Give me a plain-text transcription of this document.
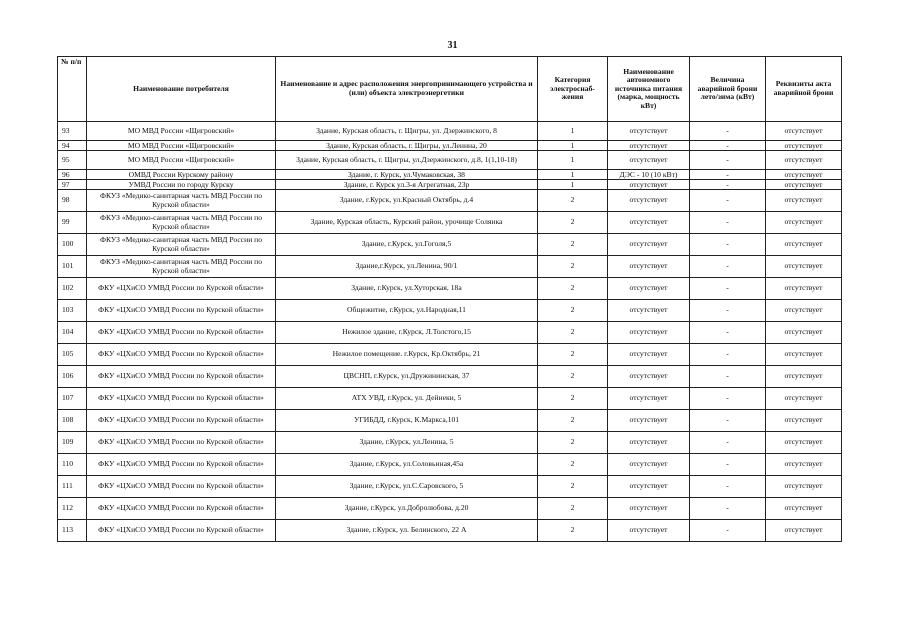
31
№ п/п	Наименование потребителя	Наименование и адрес расположения энергопринимающего устройства и (или) объекта электроэнергетики	Категория электроснаб-жения	Наименование автономного источника питания (марка, мощность кВт)	Величина аварийной брони лето/зима (кВт)	Реквизиты акта аварийной брони
93	МО МВД России «Щигровский»	Здание, Курская область, г. Щигры, ул. Дзержинского, 8	1	отсутствует	-	отсутствует
94	МО МВД России «Щигровский»	Здание, Курская область, г. Щигры, ул.Ленина, 20	1	отсутствует	-	отсутствует
95	МО МВД России «Щигровский»	Здание, Курская область, г. Щигры, ул.Дзержинского, д.8, 1(1,10-18)	1	отсутствует	-	отсутствует
96	ОМВД России Курскому району	Здание, г. Курск, ул.Чумаковская, 38	1	ДЭС - 10 (10 кВт)	-	отсутствует
97	УМВД России по городу Курску	Здание, г. Курск ул.3-я Агрегатная, 23р	1	отсутствует	-	отсутствует
98	ФКУЗ «Медико-санитарная часть МВД России по Курской области»	Здание, г.Курск, ул.Красный Октябрь, д.4	2	отсутствует	-	отсутствует
99	ФКУЗ «Медико-санитарная часть МВД России по Курской области»	Здание, Курская область, Курский район, урочище Солянка	2	отсутствует	-	отсутствует
100	ФКУЗ «Медико-санитарная часть МВД России по Курской области»	Здание, г.Курск, ул.Гоголя,5	2	отсутствует	-	отсутствует
101	ФКУЗ «Медико-санитарная часть МВД России по Курской области»	Здание,г.Курск, ул.Ленина, 90/1	2	отсутствует	-	отсутствует
102	ФКУ «ЦХиСО УМВД России по Курской области»	Здание, г.Курск, ул.Хуторская, 18а	2	отсутствует	-	отсутствует
103	ФКУ «ЦХиСО УМВД России по Курской области»	Общежитие, г.Курск, ул.Народная,11	2	отсутствует	-	отсутствует
104	ФКУ «ЦХиСО УМВД России по Курской области»	Нежилое здание, г.Курск, Л.Толстого,15	2	отсутствует	-	отсутствует
105	ФКУ «ЦХиСО УМВД России по Курской области»	Нежилое помещение. г.Курск, Кр.Октябрь, 21	2	отсутствует	-	отсутствует
106	ФКУ «ЦХиСО УМВД России по Курской области»	ЦВСНП, г.Курск, ул.Дружининская, 37	2	отсутствует	-	отсутствует
107	ФКУ «ЦХиСО УМВД России по Курской области»	АТХ УВД, г.Курск, ул. Дейнеки, 5	2	отсутствует	-	отсутствует
108	ФКУ «ЦХиСО УМВД России по Курской области»	УГИБДД, г.Курск, К.Маркса,101	2	отсутствует	-	отсутствует
109	ФКУ «ЦХиСО УМВД России по Курской области»	Здание, г.Курск, ул.Ленина, 5	2	отсутствует	-	отсутствует
110	ФКУ «ЦХиСО УМВД России по Курской области»	Здание, г.Курск, ул.Соловьиная,45а	2	отсутствует	-	отсутствует
111	ФКУ «ЦХиСО УМВД России по Курской области»	Здание, г.Курск, ул.С.Саровского, 5	2	отсутствует	-	отсутствует
112	ФКУ «ЦХиСО УМВД России по Курской области»	Здание, г.Курск, ул.Добролюбова, д.20	2	отсутствует	-	отсутствует
113	ФКУ «ЦХиСО УМВД России по Курской области»	Здание, г.Курск, ул. Белинского, 22 А	2	отсутствует	-	отсутствует
